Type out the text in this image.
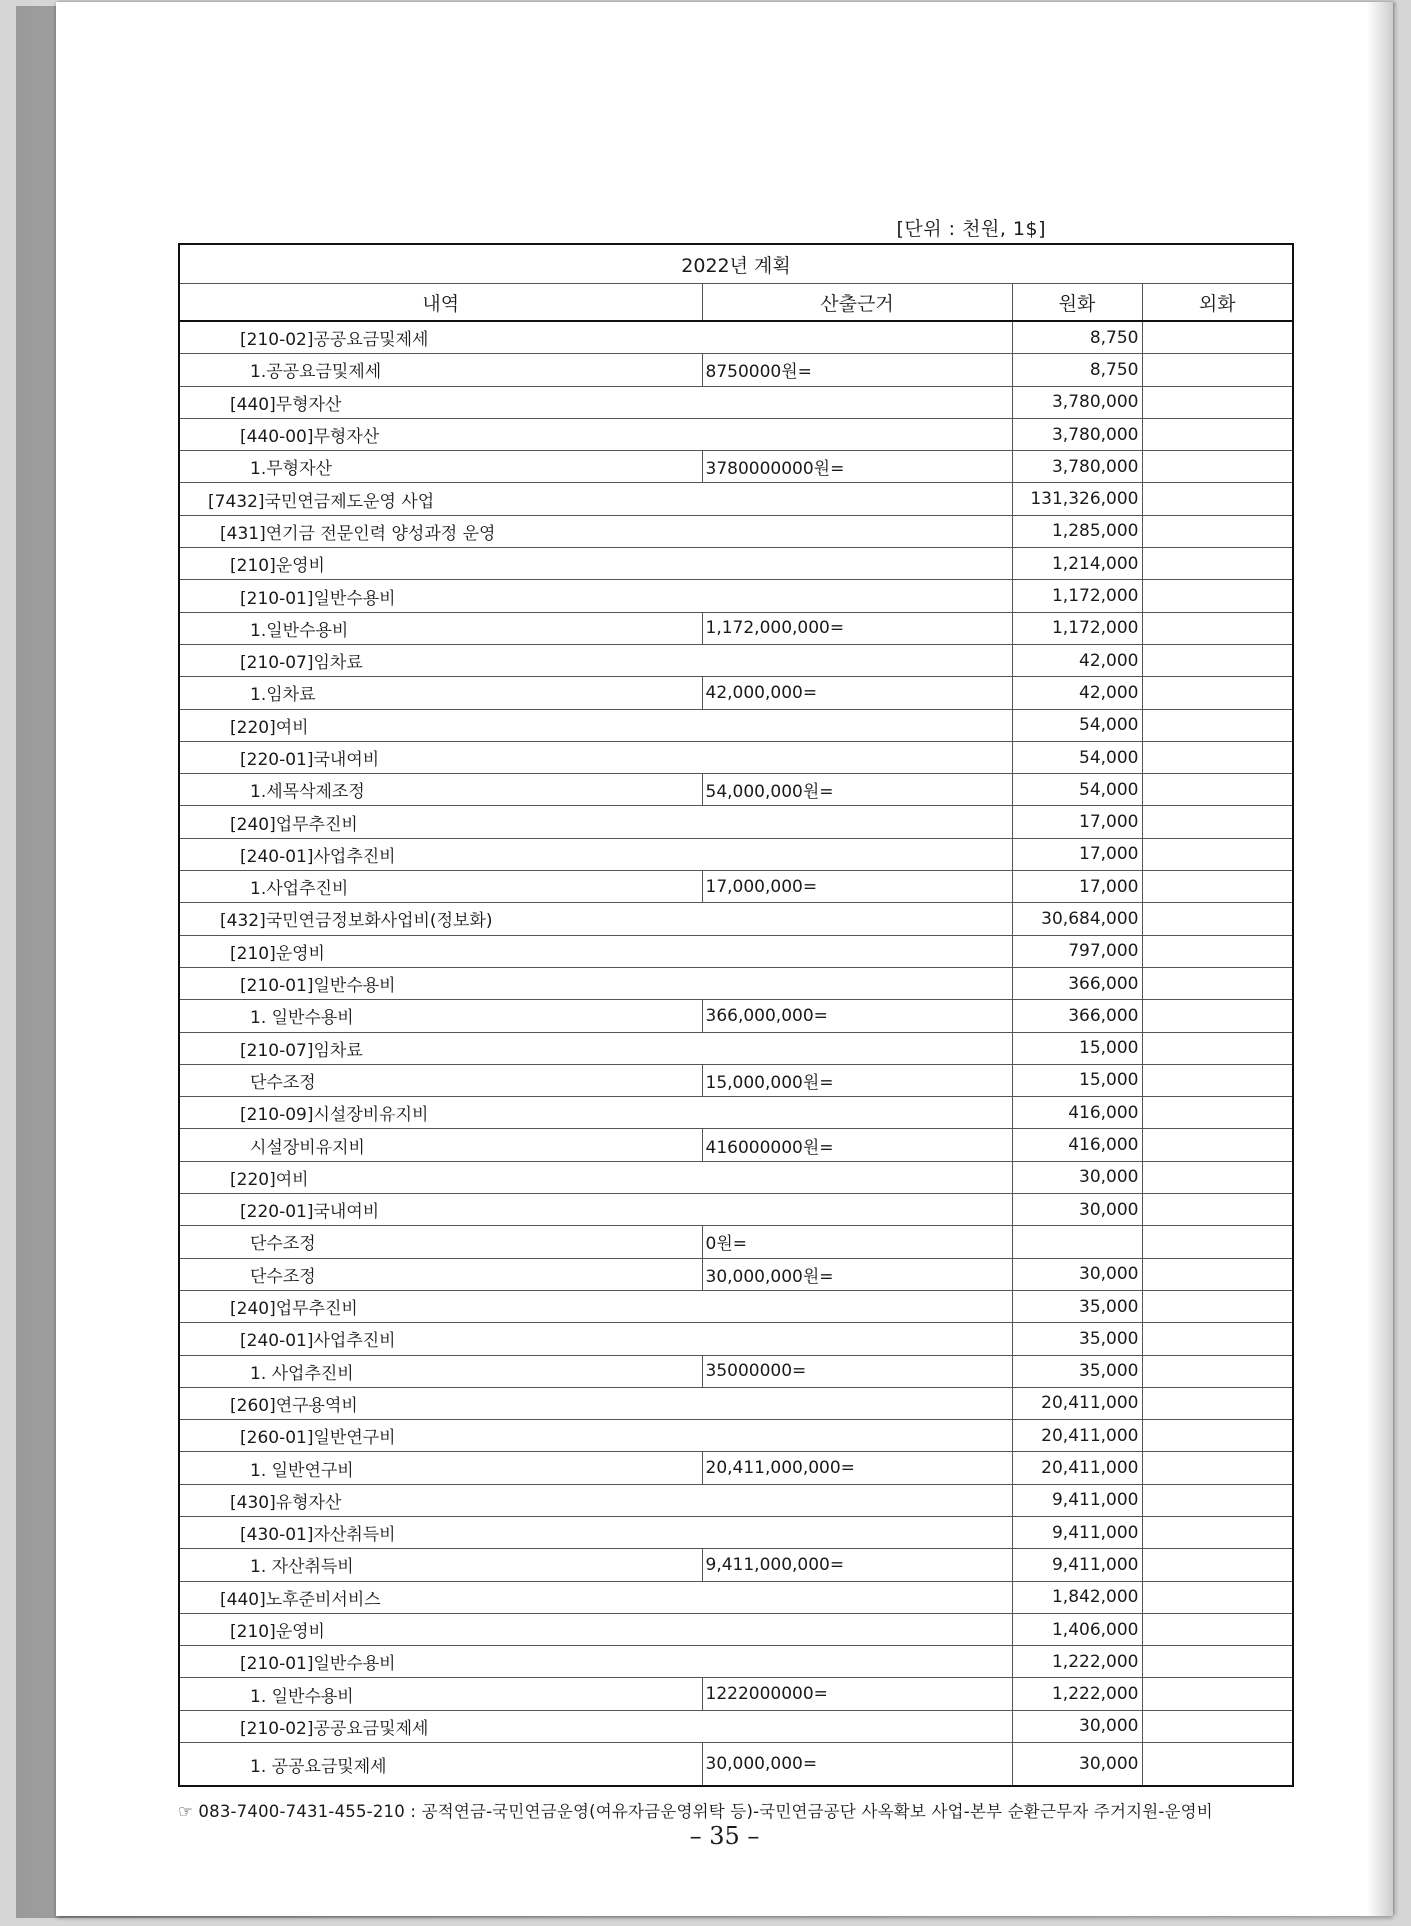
[단위 : 천원, 1$]
2022년 계획			
내역	산출근거	원화	외화
[210-02]공공요금및제세		8,750	
1.공공요금및제세	8750000원=	8,750	
[440]무형자산		3,780,000	
[440-00]무형자산		3,780,000	
1.무형자산	3780000000원=	3,780,000	
[7432]국민연금제도운영 사업		131,326,000	
[431]연기금 전문인력 양성과정 운영		1,285,000	
[210]운영비		1,214,000	
[210-01]일반수용비		1,172,000	
1.일반수용비	1,172,000,000=	1,172,000	
[210-07]임차료		42,000	
1.임차료	42,000,000=	42,000	
[220]여비		54,000	
[220-01]국내여비		54,000	
1.세목삭제조정	54,000,000원=	54,000	
[240]업무추진비		17,000	
[240-01]사업추진비		17,000	
1.사업추진비	17,000,000=	17,000	
[432]국민연금정보화사업비(정보화)		30,684,000	
[210]운영비		797,000	
[210-01]일반수용비		366,000	
1. 일반수용비	366,000,000=	366,000	
[210-07]임차료		15,000	
단수조정	15,000,000원=	15,000	
[210-09]시설장비유지비		416,000	
시설장비유지비	416000000원=	416,000	
[220]여비		30,000	
[220-01]국내여비		30,000	
단수조정	0원=		
단수조정	30,000,000원=	30,000	
[240]업무추진비		35,000	
[240-01]사업추진비		35,000	
1. 사업추진비	35000000=	35,000	
[260]연구용역비		20,411,000	
[260-01]일반연구비		20,411,000	
1. 일반연구비	20,411,000,000=	20,411,000	
[430]유형자산		9,411,000	
[430-01]자산취득비		9,411,000	
1. 자산취득비	9,411,000,000=	9,411,000	
[440]노후준비서비스		1,842,000	
[210]운영비		1,406,000	
[210-01]일반수용비		1,222,000	
1. 일반수용비	1222000000=	1,222,000	
[210-02]공공요금및제세		30,000	
1. 공공요금및제세	30,000,000=	30,000	
☞ 083-7400-7431-455-210 : 공적연금-국민연금운영(여유자금운영위탁 등)-국민연금공단 사옥확보 사업-본부 순환근무자 주거지원-운영비
– 35 –
